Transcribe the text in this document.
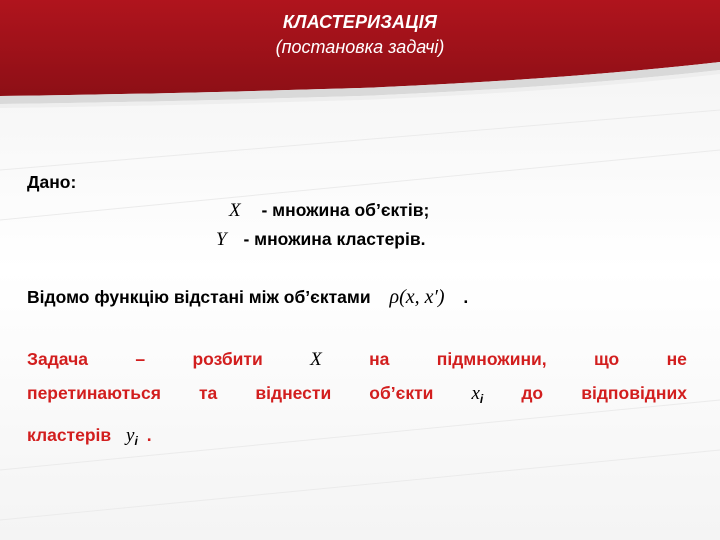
КЛАСТЕРИЗАЦІЯ
(постановка задачі)
Дано:
X - множина об’єктів;
Y - множина кластерів.
Відомо функцію відстані між об’єктами ρ(x, x′) .
Задача	–	розбити X	на	підмножини,	що	не
перетинаються та віднести об’єкти $x_i$ до відповідних
кластерів $y_i$ .
